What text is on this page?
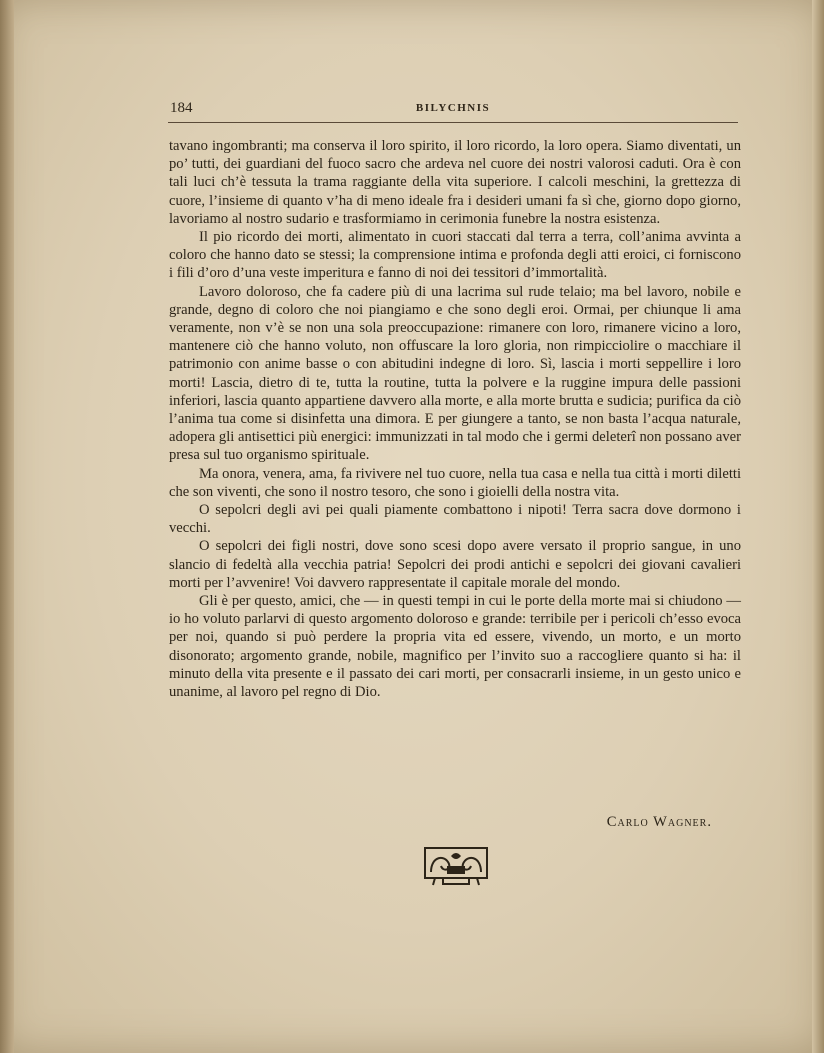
184	BILYCHNIS

tavano ingombranti; ma conserva il loro spirito, il loro ricordo, la loro opera. Siamo diventati, un po’ tutti, dei guardiani del fuoco sacro che ardeva nel cuore dei nostri valorosi caduti. Ora è con tali luci ch’è tessuta la trama raggiante della vita superiore. I calcoli meschini, la grettezza di cuore, l’insieme di quanto v’ha di meno ideale fra i desideri umani fa sì che, giorno dopo giorno, lavoriamo al nostro sudario e trasformiamo in cerimonia funebre la nostra esistenza.

Il pio ricordo dei morti, alimentato in cuori staccati dal terra a terra, coll’anima avvinta a coloro che hanno dato se stessi; la comprensione intima e profonda degli atti eroici, ci forniscono i fili d’oro d’una veste imperitura e fanno di noi dei tessitori d’immortalità.

Lavoro doloroso, che fa cadere più di una lacrima sul rude telaio; ma bel lavoro, nobile e grande, degno di coloro che noi piangiamo e che sono degli eroi. Ormai, per chiunque li ama veramente, non v’è se non una sola preoccupazione: rimanere con loro, rimanere vicino a loro, mantenere ciò che hanno voluto, non offuscare la loro gloria, non rimpicciolire o macchiare il patrimonio con anime basse o con abitudini indegne di loro. Sì, lascia i morti seppellire i loro morti! Lascia, dietro di te, tutta la routine, tutta la polvere e la ruggine impura delle passioni inferiori, lascia quanto appartiene davvero alla morte, e alla morte brutta e sudicia; purifica da ciò l’anima tua come si disinfetta una dimora. E per giungere a tanto, se non basta l’acqua naturale, adopera gli antisettici più energici: immunizzati in tal modo che i germi deleterî non possano aver presa sul tuo organismo spirituale.

Ma onora, venera, ama, fa rivivere nel tuo cuore, nella tua casa e nella tua città i morti diletti che son viventi, che sono il nostro tesoro, che sono i gioielli della nostra vita.

O sepolcri degli avi pei quali piamente combattono i nipoti! Terra sacra dove dormono i vecchi.

O sepolcri dei figli nostri, dove sono scesi dopo avere versato il proprio sangue, in uno slancio di fedeltà alla vecchia patria! Sepolcri dei prodi antichi e sepolcri dei giovani cavalieri morti per l’avvenire! Voi davvero rappresentate il capitale morale del mondo.

Gli è per questo, amici, che — in questi tempi in cui le porte della morte mai si chiudono — io ho voluto parlarvi di questo argomento doloroso e grande: terribile per i pericoli ch’esso evoca per noi, quando si può perdere la propria vita ed essere, vivendo, un morto, e un morto disonorato; argomento grande, nobile, magnifico per l’invito suo a raccogliere quanto si ha: il minuto della vita presente e il passato dei cari morti, per consacrarli insieme, in un gesto unico e unanime, al lavoro pel regno di Dio.

Carlo Wagner.
